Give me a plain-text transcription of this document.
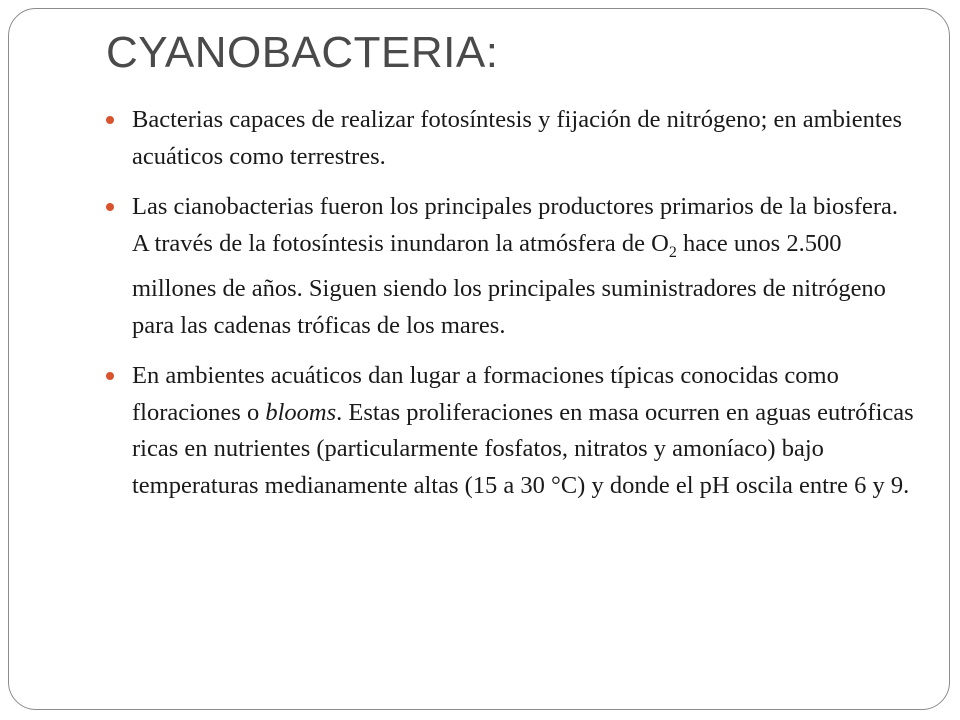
CYANOBACTERIA:
Bacterias capaces de realizar fotosíntesis y fijación de nitrógeno; en ambientes acuáticos como terrestres.
Las cianobacterias fueron los principales productores primarios de la biosfera. A través de la fotosíntesis inundaron la atmósfera de $O_2$ hace unos 2.500 millones de años. Siguen siendo los principales suministradores de nitrógeno para las cadenas tróficas de los mares.
En ambientes acuáticos dan lugar a formaciones típicas conocidas como floraciones o blooms. Estas proliferaciones en masa ocurren en aguas eutróficas ricas en nutrientes (particularmente fosfatos, nitratos y amoníaco) bajo temperaturas medianamente altas (15 a 30 °C) y donde el pH oscila entre 6 y 9.
